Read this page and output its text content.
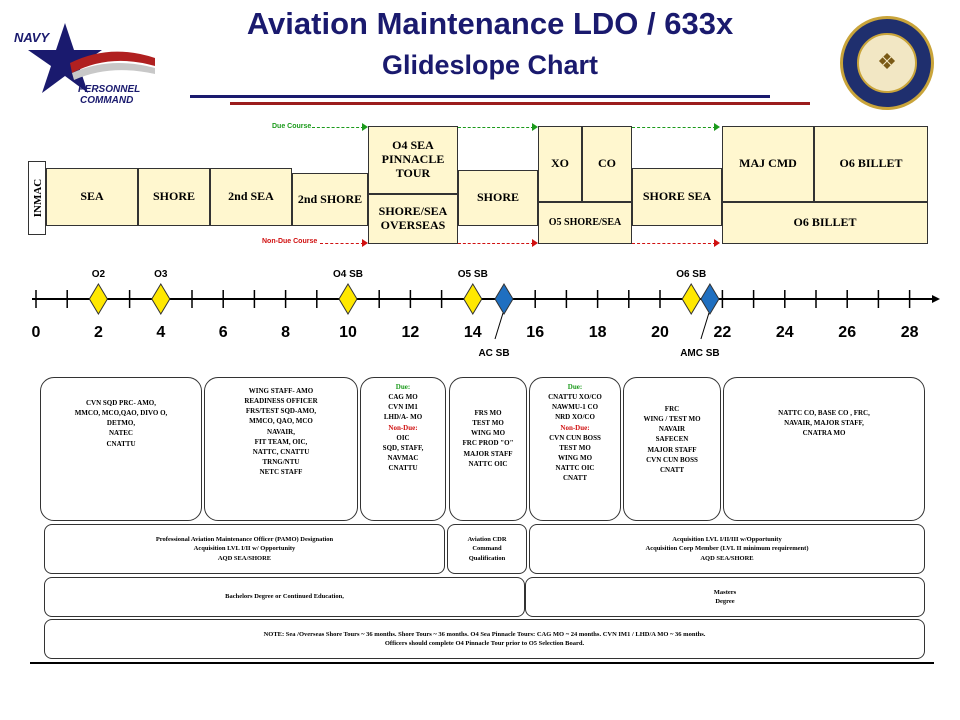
NAVY
PERSONNEL
COMMAND
Aviation Maintenance LDO / 633x
Glideslope Chart	❖
Due Course
Non-Due Course
INMAC	SEA	SHORE	2nd SEA	2nd SHORE
O4 SEA PINNACLE TOUR
SHORE/SEA OVERSEAS
SHORE
XO	CO
O5 SHORE/SEA
SHORE SEA
MAJ CMD	O6 BILLET
O6 BILLET
0	2	4	6	8	10	12	14	16	18	20	22	24	26	28
O2	O3	O4 SB	O5 SB	O6 SB
AC SB	AMC SB
CVN SQD PRC- AMO,
MMCO, MCO,QAO, DIVO O,
DETMO,
NATEC
CNATTU
WING STAFF- AMO
READINESS OFFICER
FRS/TEST SQD-AMO,
MMCO, QAO, MCO
NAVAIR,
FIT TEAM, OIC,
NATTC, CNATTU
TRNG/NTU
NETC STAFF
Due:
CAG MO
CVN IM1
LHD/A- MO
Non-Due:
OIC
SQD, STAFF,
NAVMAC
CNATTU
FRS MO
TEST MO
WING MO
FRC PROD "O"
MAJOR STAFF
NATTC OIC
Due:
CNATTU XO/CO
NAWMU-1 CO
NRD XO/CO
Non-Due:
CVN CUN BOSS
TEST MO
WING MO
NATTC OIC
CNATT
FRC
WING / TEST MO
NAVAIR
SAFECEN
MAJOR STAFF
CVN CUN BOSS
CNATT
NATTC CO, BASE CO , FRC,
NAVAIR, MAJOR STAFF,
CNATRA MO
Professional Aviation Maintenance Officer (PAMO) Designation
Acquisition LVL I/II w/ Opportunity
AQD SEA/SHORE
Aviation CDR
Command
Qualification
Acquisition LVL I/II/III w/Opportunity
Acquisition Corp Member (LVL II minimum requirement)
AQD SEA/SHORE
Bachelors Degree or Continued Education,
Masters
Degree
NOTE: Sea /Overseas Shore Tours ~ 36 months. Shore Tours ~ 36 months. O4 Sea Pinnacle Tours: CAG MO ~ 24 months. CVN IM1 / LHD/A MO ~ 36 months.
Officers should complete O4 Pinnacle Tour prior to O5 Selection Board.
